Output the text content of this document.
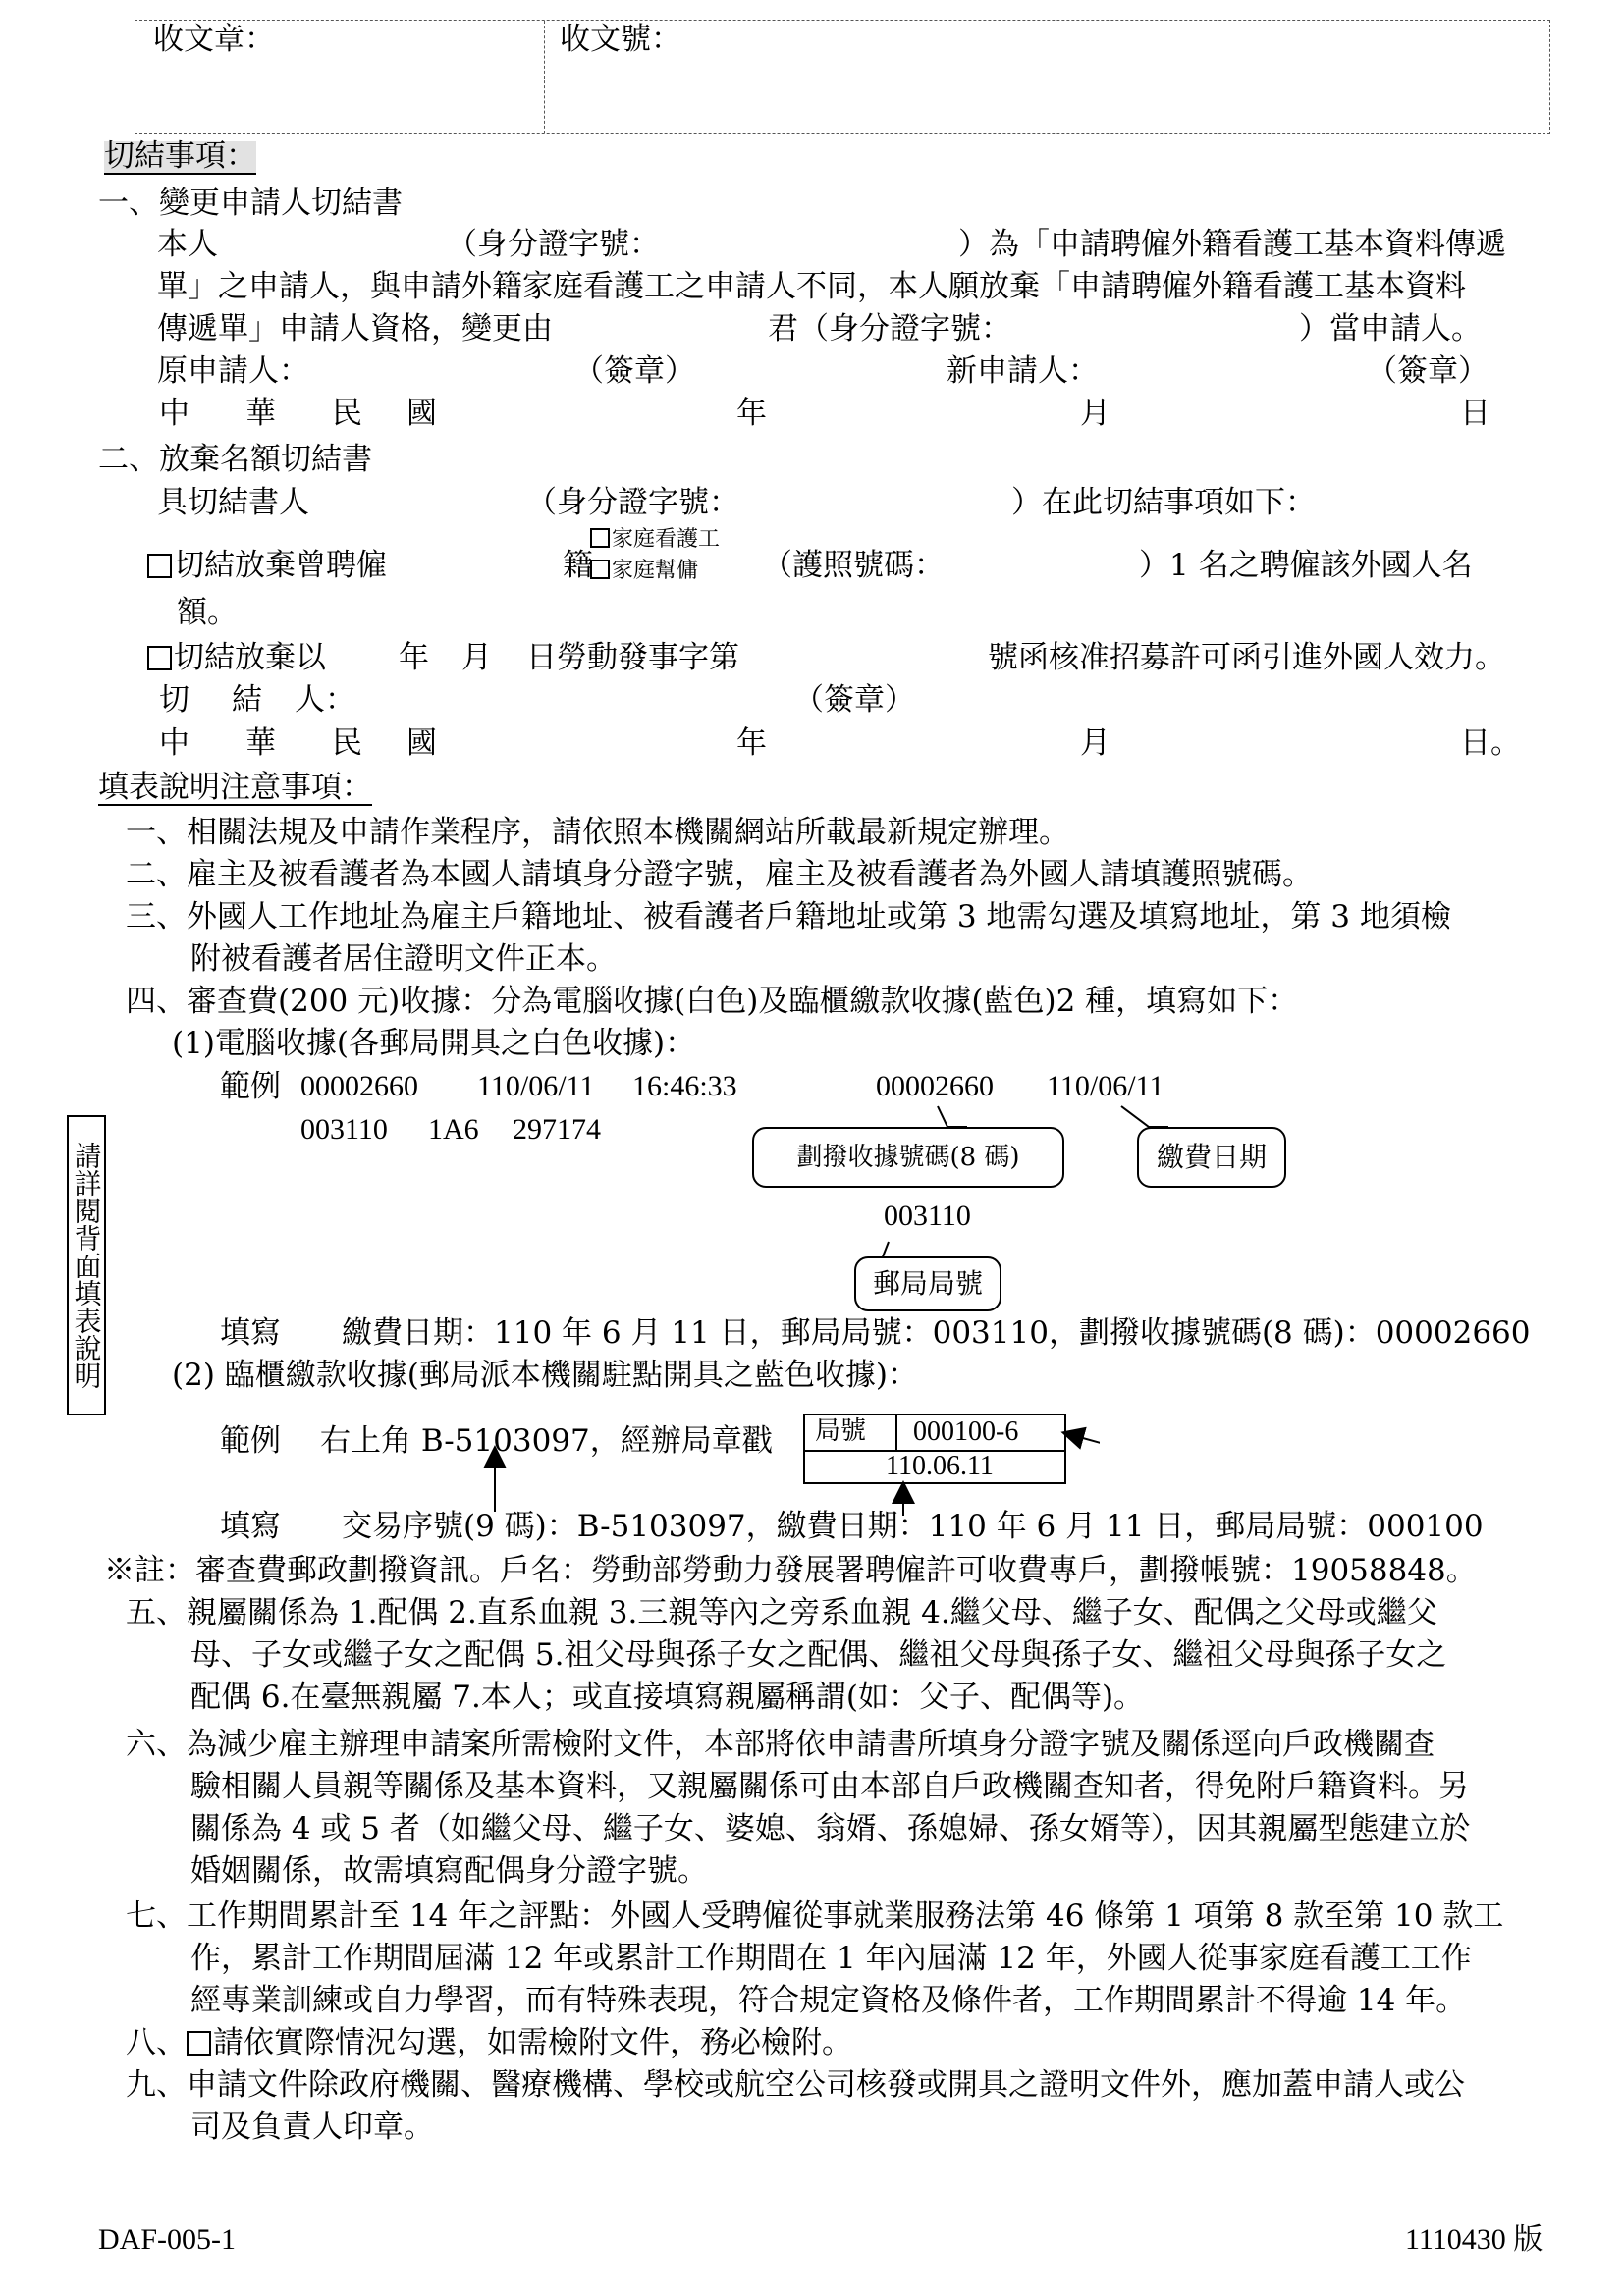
收文章：	收文號：
切結事項：
一、變更申請人切結書
本人	（身分證字號：	）為「申請聘僱外籍看護工基本資料傳遞
單」之申請人，與申請外籍家庭看護工之申請人不同，本人願放棄「申請聘僱外籍看護工基本資料
傳遞單」申請人資格，變更由	君（身分證字號：	）當申請人。
原申請人：	（簽章）	新申請人：	（簽章）
中 華 民 國	年	月	日
二、放棄名額切結書
具切結書人	（身分證字號：	）在此切結事項如下：
切結放棄曾聘僱	籍
家庭看護工
家庭幫傭 （護照號碼：	）1 名之聘僱該外國人名
額。
切結放棄以 年 月 日勞動發事字第	號函核准招募許可函引進外國人效力。
切 結 人：	（簽章）
中 華 民 國	年	月	日。
填表說明注意事項：
一、相關法規及申請作業程序，請依照本機關網站所載最新規定辦理。
二、雇主及被看護者為本國人請填身分證字號，雇主及被看護者為外國人請填護照號碼。
三、外國人工作地址為雇主戶籍地址、被看護者戶籍地址或第 3 地需勾選及填寫地址，第 3 地須檢
附被看護者居住證明文件正本。
四、審查費(200 元)收據：分為電腦收據(白色)及臨櫃繳款收據(藍色)2 種，填寫如下：
(1)電腦收據(各郵局開具之白色收據)：
範例 00002660 110/06/11 16:46:33
003110 1A6 297174
00002660 110/06/11
劃撥收據號碼(8 碼)	繳費日期
003110
郵局局號
填寫 繳費日期：110 年 6 月 11 日，郵局局號：003110，劃撥收據號碼(8 碼)：00002660
(2) 臨櫃繳款收據(郵局派本機關駐點開具之藍色收據)：
範例 右上角 B-5103097，經辦局章戳 局號 000100-6
110.06.11
填寫 交易序號(9 碼)：B-5103097，繳費日期：110 年 6 月 11 日，郵局局號：000100
※註：審查費郵政劃撥資訊。戶名：勞動部勞動力發展署聘僱許可收費專戶，劃撥帳號：19058848。
五、親屬關係為 1.配偶 2.直系血親 3.三親等內之旁系血親 4.繼父母、繼子女、配偶之父母或繼父
母、子女或繼子女之配偶 5.祖父母與孫子女之配偶、繼祖父母與孫子女、繼祖父母與孫子女之
配偶 6.在臺無親屬 7.本人；或直接填寫親屬稱謂(如：父子、配偶等)。
六、為減少雇主辦理申請案所需檢附文件，本部將依申請書所填身分證字號及關係逕向戶政機關查
驗相關人員親等關係及基本資料，又親屬關係可由本部自戶政機關查知者，得免附戶籍資料。另
關係為 4 或 5 者（如繼父母、繼子女、婆媳、翁婿、孫媳婦、孫女婿等），因其親屬型態建立於
婚姻關係，故需填寫配偶身分證字號。
七、工作期間累計至 14 年之評點：外國人受聘僱從事就業服務法第 46 條第 1 項第 8 款至第 10 款工
作，累計工作期間屆滿 12 年或累計工作期間在 1 年內屆滿 12 年，外國人從事家庭看護工工作
經專業訓練或自力學習，而有特殊表現，符合規定資格及條件者，工作期間累計不得逾 14 年。
八、 請依實際情況勾選，如需檢附文件，務必檢附。
九、申請文件除政府機關、醫療機構、學校或航空公司核發或開具之證明文件外，應加蓋申請人或公
司及負責人印章。
請詳閱背面填表說明
DAF-005-1	1110430 版
